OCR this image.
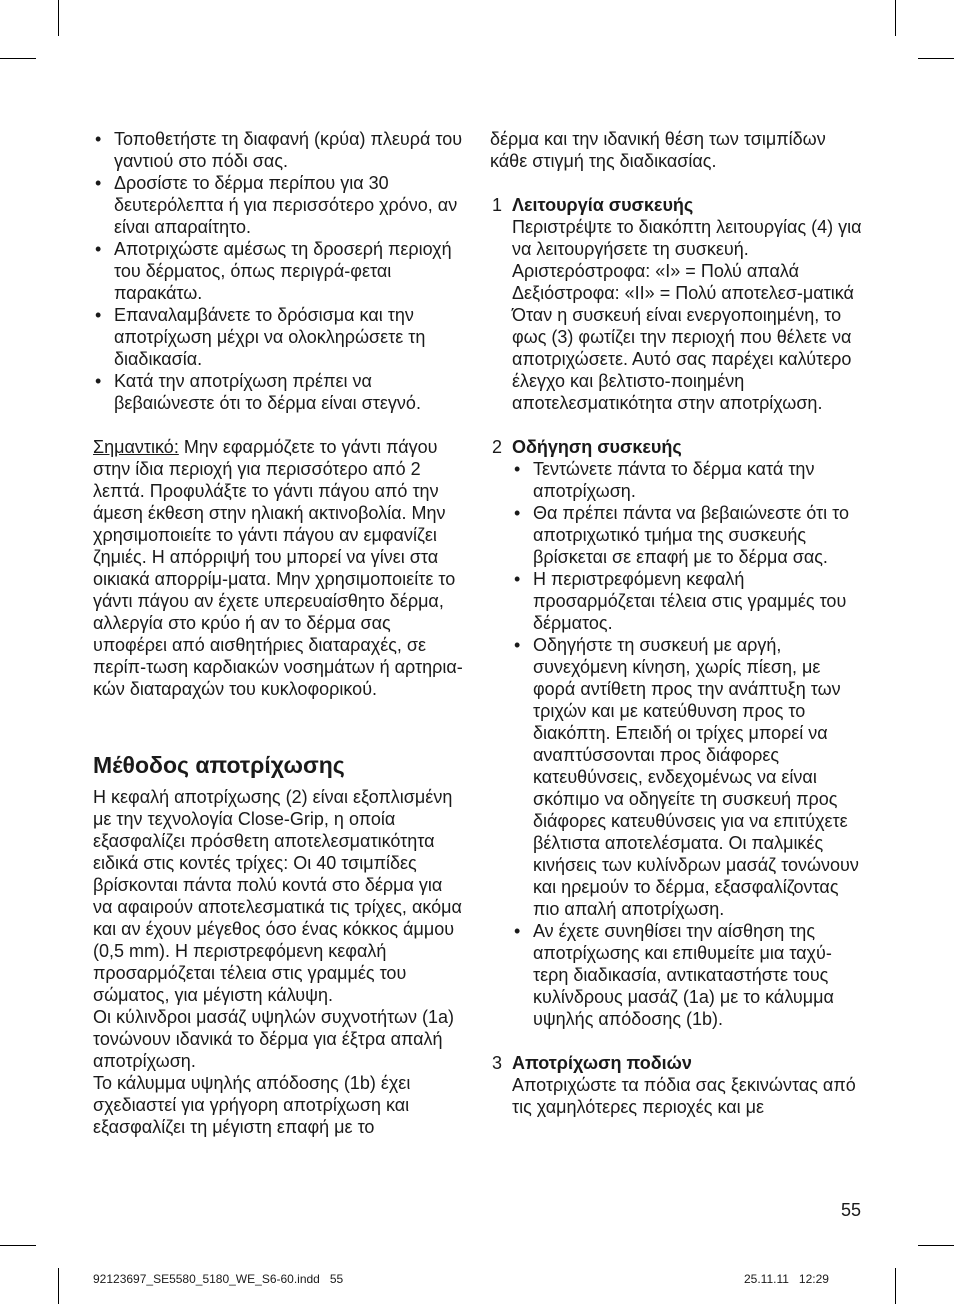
• Τοποθετήστε τη διαφανή (κρύα) πλευρά του γαντιού στο πόδι σας.
• Δροσίστε το δέρμα περίπου για 30 δευτερόλεπτα ή για περισσότερο χρόνο, αν είναι απαραίτητο.
• Αποτριχώστε αμέσως τη δροσερή περιοχή του δέρματος, όπως περιγρά-φεται παρακάτω.
• Επαναλαμβάνετε το δρόσισμα και την αποτρίχωση μέχρι να ολοκληρώσετε τη διαδικασία.
• Κατά την αποτρίχωση πρέπει να βεβαιώνεστε ότι το δέρμα είναι στεγνό.

Σημαντικό: Μην εφαρμόζετε το γάντι πάγου στην ίδια περιοχή για περισσότερο από 2 λεπτά. Προφυλάξτε το γάντι πάγου από την άμεση έκθεση στην ηλιακή ακτινοβολία. Μην χρησιμοποιείτε το γάντι πάγου αν εμφανίζει ζημιές. Η απόρριψή του μπορεί να γίνει στα οικιακά απορρίμ-ματα. Μην χρησιμοποιείτε το γάντι πάγου αν έχετε υπερευαίσθητο δέρμα, αλλεργία στο κρύο ή αν το δέρμα σας υποφέρει από αισθητήριες διαταραχές, σε περίπ-τωση καρδιακών νοσημάτων ή αρτηρια-κών διαταραχών του κυκλοφορικού.

Μέθοδος αποτρίχωσης

Η κεφαλή αποτρίχωσης (2) είναι εξοπλισμένη με την τεχνολογία Close-Grip, η οποία εξασφαλίζει πρόσθετη αποτελεσματικότητα ειδικά στις κοντές τρίχες: Οι 40 τσιμπίδες βρίσκονται πάντα πολύ κοντά στο δέρμα για να αφαιρούν αποτελεσματικά τις τρίχες, ακόμα και αν έχουν μέγεθος όσο ένας κόκκος άμμου (0,5 mm). Η περιστρεφόμενη κεφαλή προσαρμόζεται τέλεια στις γραμμές του σώματος, για μέγιστη κάλυψη.

Οι κύλινδροι μασάζ υψηλών συχνοτήτων (1a) τονώνουν ιδανικά το δέρμα για έξτρα απαλή αποτρίχωση.

Το κάλυμμα υψηλής απόδοσης (1b) έχει σχεδιαστεί για γρήγορη αποτρίχωση και εξασφαλίζει τη μέγιστη επαφή με το

δέρμα και την ιδανική θέση των τσιμπίδων κάθε στιγμή της διαδικασίας.

1 Λειτουργία συσκευής

Περιστρέψτε το διακόπτη λειτουργίας (4) για να λειτουργήσετε τη συσκευή.

Αριστερόστροφα: «I» = Πολύ απαλά

Δεξιόστροφα: «II» = Πολύ αποτελεσ-ματικά

Όταν η συσκευή είναι ενεργοποιημένη, το φως (3) φωτίζει την περιοχή που θέλετε να αποτριχώσετε. Αυτό σας παρέχει καλύτερο έλεγχο και βελτιστο-ποιημένη αποτελεσματικότητα στην αποτρίχωση.

2 Οδήγηση συσκευής
• Τεντώνετε πάντα το δέρμα κατά την αποτρίχωση.
• Θα πρέπει πάντα να βεβαιώνεστε ότι το αποτριχωτικό τμήμα της συσκευής βρίσκεται σε επαφή με το δέρμα σας.
• Η περιστρεφόμενη κεφαλή προσαρμόζεται τέλεια στις γραμμές του δέρματος.
• Οδηγήστε τη συσκευή με αργή, συνεχόμενη κίνηση, χωρίς πίεση, με φορά αντίθετη προς την ανάπτυξη των τριχών και με κατεύθυνση προς το διακόπτη. Επειδή οι τρίχες μπορεί να αναπτύσσονται προς διάφορες κατευθύνσεις, ενδεχομένως να είναι σκόπιμο να οδηγείτε τη συσκευή προς διάφορες κατευθύνσεις για να επιτύχετε βέλτιστα αποτελέσματα. Οι παλμικές κινήσεις των κυλίνδρων μασάζ τονώνουν και ηρεμούν το δέρμα, εξασφαλίζοντας πιο απαλή αποτρίχωση.
• Αν έχετε συνηθίσει την αίσθηση της αποτρίχωσης και επιθυμείτε μια ταχύ-τερη διαδικασία, αντικαταστήστε τους κυλίνδρους μασάζ (1a) με το κάλυμμα υψηλής απόδοσης (1b).
3 Αποτρίχωση ποδιών

Αποτριχώστε τα πόδια σας ξεκινώντας από τις χαμηλότερες περιοχές και με

55
92123697_SE5580_5180_WE_S6-60.indd   55	25.11.11   12:29
